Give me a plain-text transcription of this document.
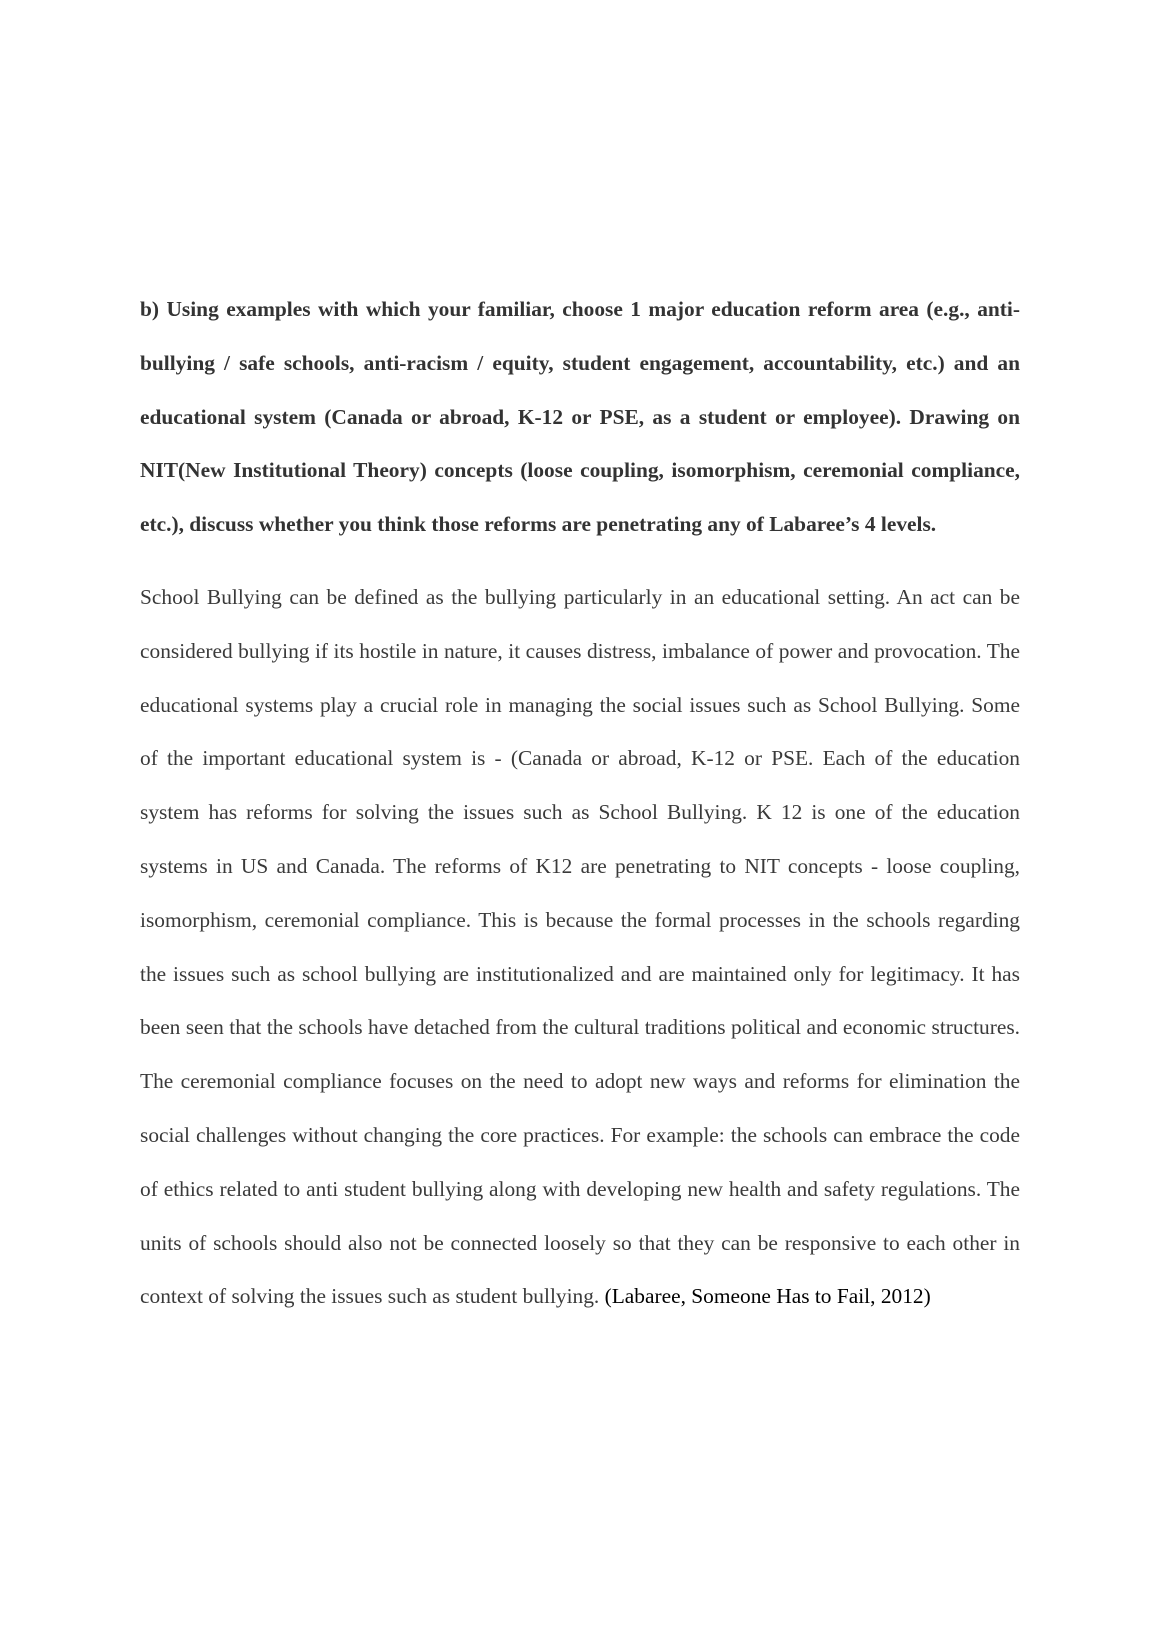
b) Using examples with which your familiar, choose 1 major education reform area (e.g., anti-bullying / safe schools, anti-racism / equity, student engagement, accountability, etc.) and an educational system (Canada or abroad, K-12 or PSE, as a student or employee). Drawing on NIT(New Institutional Theory) concepts (loose coupling, isomorphism, ceremonial compliance, etc.), discuss whether you think those reforms are penetrating any of Labaree’s 4 levels.

School Bullying can be defined as the bullying particularly in an educational setting. An act can be considered bullying if its hostile in nature, it causes distress, imbalance of power and provocation. The educational systems play a crucial role in managing the social issues such as School Bullying. Some of the important educational system is - (Canada or abroad, K-12 or PSE. Each of the education system has reforms for solving the issues such as School Bullying. K 12 is one of the education systems in US and Canada. The reforms of K12 are penetrating to NIT concepts - loose coupling, isomorphism, ceremonial compliance. This is because the formal processes in the schools regarding the issues such as school bullying are institutionalized and are maintained only for legitimacy. It has been seen that the schools have detached from the cultural traditions political and economic structures. The ceremonial compliance focuses on the need to adopt new ways and reforms for elimination the social challenges without changing the core practices. For example: the schools can embrace the code of ethics related to anti student bullying along with developing new health and safety regulations. The units of schools should also not be connected loosely so that they can be responsive to each other in context of solving the issues such as student bullying. (Labaree, Someone Has to Fail, 2012)
